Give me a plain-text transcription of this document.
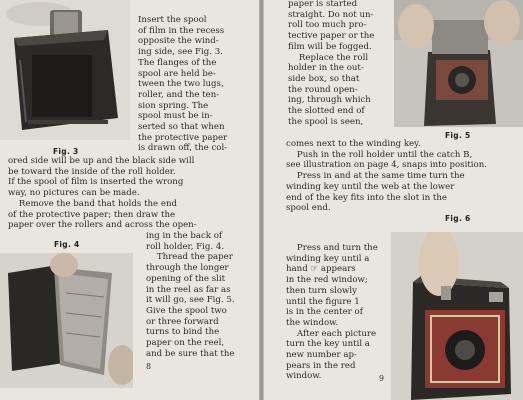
Fig. 3

Insert the spool
of film in the recess
opposite the wind-
ing side, see Fig. 3.
The flanges of the
spool are held be-
tween the two lugs,
roller, and the ten-
sion spring. The
spool must be in-
serted so that when
the protective paper
is drawn off, the col-

ored side will be up and the black side will
be toward the inside of the roll holder.
If the spool of film is inserted the wrong
way, no pictures can be made.
Remove the band that holds the end
of the protective paper; then draw the
paper over the rollers and across the open-

Fig. 4

ing in the back of
roll holder, Fig. 4.
Thread the paper
through the longer
opening of the slit
in the reel as far as
it will go, see Fig. 5.
Give the spool two
or three forward
turns to bind the
paper on the reel,
and be sure that the

8

paper is started
straight. Do not un-
roll too much pro-
tective paper or the
film will be fogged.
Replace the roll
holder in the out-
side box, so that
the round open-
ing, through which
the slotted end of
the spool is seen,

Fig. 5

comes next to the winding key.
Push in the roll holder until the catch B,
see illustration on page 4, snaps into position.
Press in and at the same time turn the
winding key until the web at the lower
end of the key fits into the slot in the
spool end.

Fig. 6

Press and turn the
winding key until a
hand ☞ appears
in the red window;
then turn slowly
until the figure 1
is in the center of
the window.
After each picture
turn the key until a
new number ap-
pears in the red
window.	9
